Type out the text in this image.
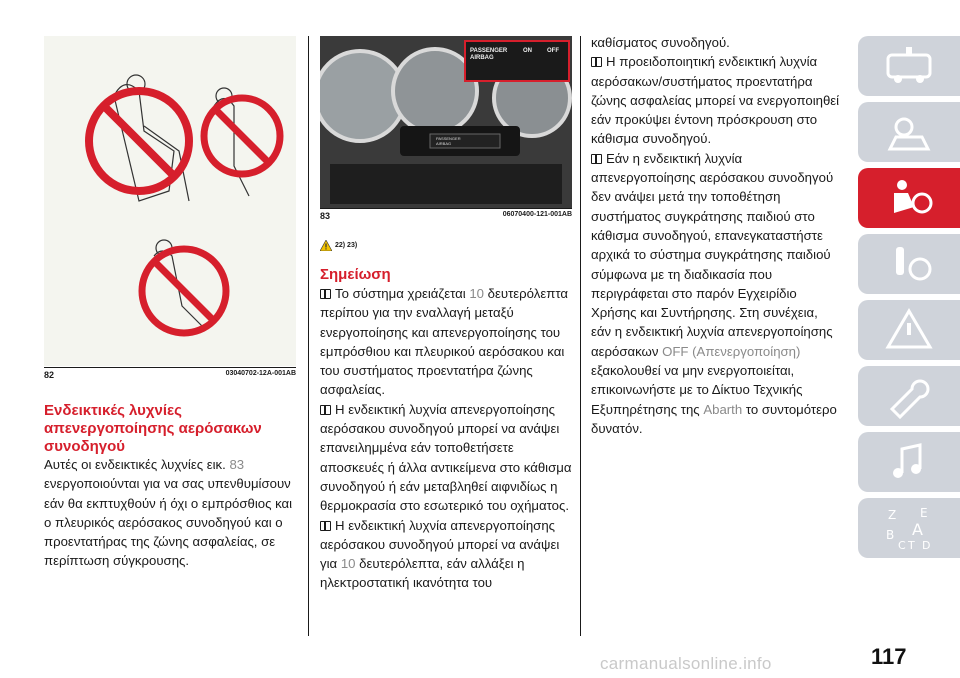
82	03040702-12A-001AB
Ενδεικτικές λυχνίες απενεργοποίησης αερόσακων συνοδηγού

Αυτές οι ενδεικτικές λυχνίες εικ. 83 ενεργοποιούνται για να σας υπενθυμίσουν εάν θα εκπτυχθούν ή όχι ο εμπρόσθιος και ο πλευρικός αερόσακος συνοδηγού και ο προεντατήρας της ζώνης ασφαλείας, σε περίπτωση σύγκρουσης.

PASSENGER
AIRBAG
ON	OFF
PASSENGER
AIRBAG
83	06070400-121-001AB
22) 23)
Σημείωση

Το σύστημα χρειάζεται 10 δευτερόλεπτα περίπου για την εναλλαγή μεταξύ ενεργοποίησης και απενεργοποίησης του εμπρόσθιου και πλευρικού αερόσακου και του συστήματος προεντατήρα ζώνης ασφαλείας.

Η ενδεικτική λυχνία απενεργοποίησης αερόσακου συνοδηγού μπορεί να ανάψει επανειλημμένα εάν τοποθετήσετε αποσκευές ή άλλα αντικείμενα στο κάθισμα συνοδηγού ή εάν μεταβληθεί αιφνιδίως η θερμοκρασία στο εσωτερικό του οχήματος.

Η ενδεικτική λυχνία απενεργοποίησης αερόσακου συνοδηγού μπορεί να ανάψει για 10 δευτερόλεπτα, εάν αλλάξει η ηλεκτροστατική ικανότητα του

καθίσματος συνοδηγού.

Η προειδοποιητική ενδεικτική λυχνία αερόσακων/συστήματος προεντατήρα ζώνης ασφαλείας μπορεί να ενεργοποιηθεί εάν προκύψει έντονη πρόσκρουση στο κάθισμα συνοδηγού.

Εάν η ενδεικτική λυχνία απενεργοποίησης αερόσακου συνοδηγού δεν ανάψει μετά την τοποθέτηση συστήματος συγκράτησης παιδιού στο κάθισμα συνοδηγού, επανεγκαταστήστε αρχικά το σύστημα συγκράτησης παιδιού σύμφωνα με τη διαδικασία που περιγράφεται στο παρόν Εγχειρίδιο Χρήσης και Συντήρησης. Στη συνέχεια, εάν η ενδεικτική λυχνία απενεργοποίησης αερόσακων OFF (Απενεργοποίηση) εξακολουθεί να μην ενεργοποιείται, επικοινωνήστε με το Δίκτυο Τεχνικής Εξυπηρέτησης της Abarth το συντομότερο δυνατόν.

Z E
B A
C T D
117
carmanualsonline.info
